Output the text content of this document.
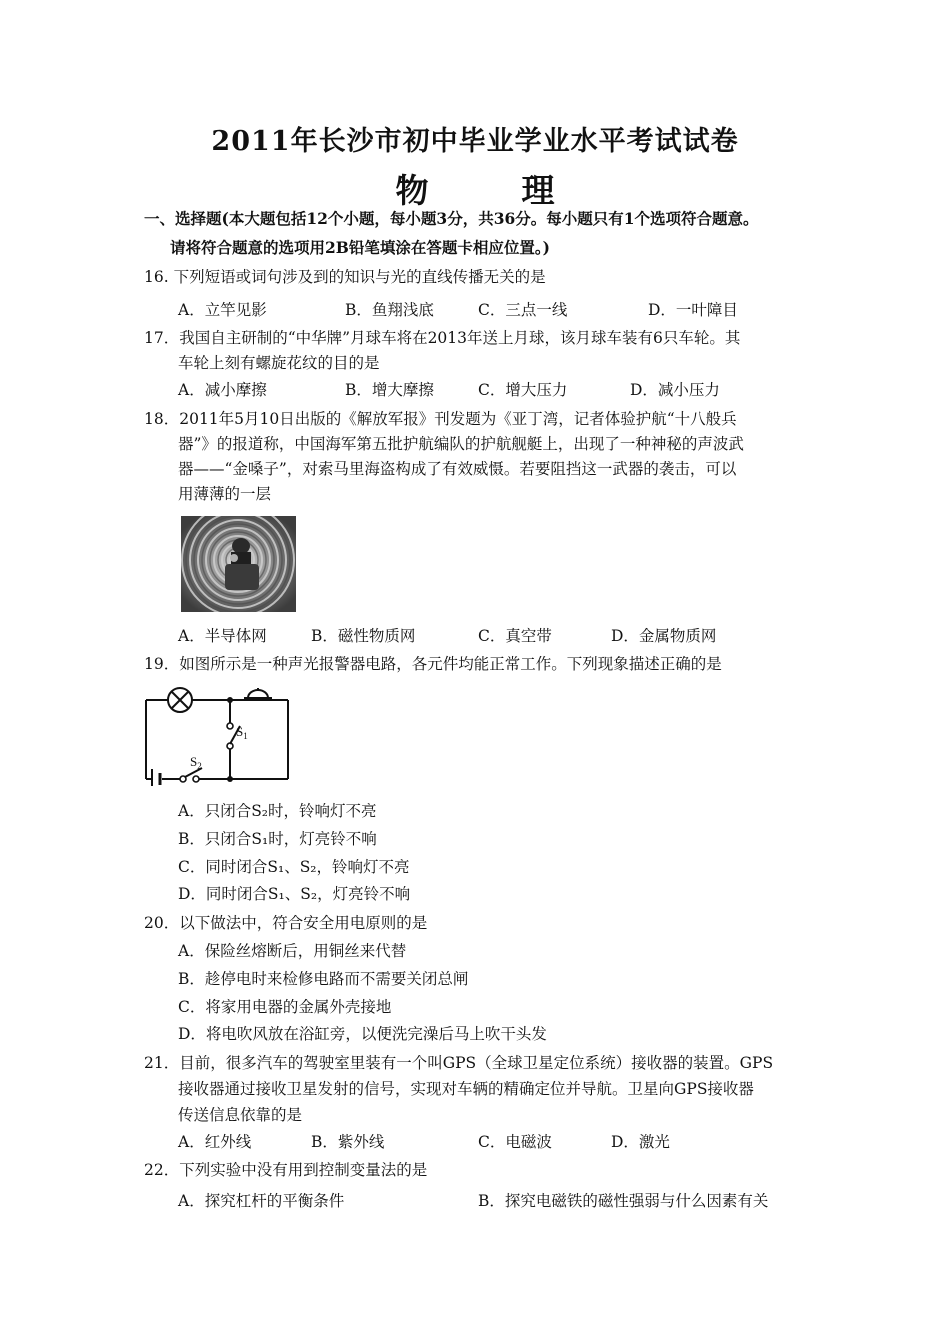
2011年长沙市初中毕业学业水平考试试卷
物　理
一、选择题(本大题包括12个小题，每小题3分，共36分。每小题只有1个选项符合题意。
请将符合题意的选项用2B铅笔填涂在答题卡相应位置。)
16. 下列短语或词句涉及到的知识与光的直线传播无关的是
A．立竿见影	B．鱼翔浅底	C．三点一线	D．一叶障目
17．我国自主研制的“中华牌”月球车将在2013年送上月球，该月球车装有6只车轮。其
车轮上刻有螺旋花纹的目的是
A．减小摩擦	B．增大摩擦	C．增大压力	D．减小压力
18．2011年5月10日出版的《解放军报》刊发题为《亚丁湾，记者体验护航“十八般兵
器”》的报道称，中国海军第五批护航编队的护航舰艇上，出现了一种神秘的声波武
器——“金嗓子”，对索马里海盗构成了有效威慑。若要阻挡这一武器的袭击，可以
用薄薄的一层
A．半导体网	B．磁性物质网	C．真空带	D．金属物质网
19．如图所示是一种声光报警器电路，各元件均能正常工作。下列现象描述正确的是
$S_1$
$S_2$
A．只闭合S₂时，铃响灯不亮
B．只闭合S₁时，灯亮铃不响
C．同时闭合S₁、S₂，铃响灯不亮
D．同时闭合S₁、S₂，灯亮铃不响
20．以下做法中，符合安全用电原则的是
A．保险丝熔断后，用铜丝来代替
B．趁停电时来检修电路而不需要关闭总闸
C．将家用电器的金属外壳接地
D．将电吹风放在浴缸旁，以便洗完澡后马上吹干头发
21．目前，很多汽车的驾驶室里装有一个叫GPS（全球卫星定位系统）接收器的装置。GPS
接收器通过接收卫星发射的信号，实现对车辆的精确定位并导航。卫星向GPS接收器
传送信息依靠的是
A．红外线	B．紫外线	C．电磁波	D．激光
22．下列实验中没有用到控制变量法的是
A．探究杠杆的平衡条件	B．探究电磁铁的磁性强弱与什么因素有关
